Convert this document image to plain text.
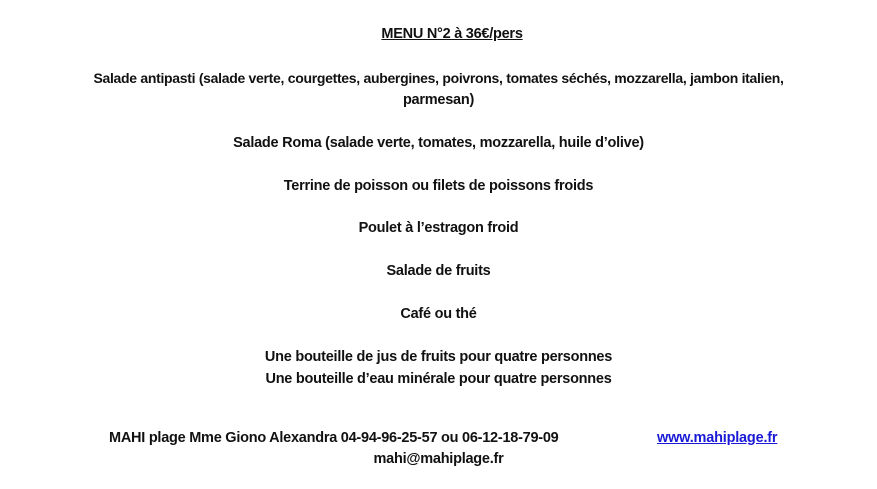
MENU N°2 à 36€/pers
Salade antipasti (salade verte, courgettes, aubergines, poivrons, tomates séchés, mozzarella, jambon italien,
parmesan)
Salade Roma (salade verte, tomates, mozzarella, huile d’olive)
Terrine de poisson ou filets de poissons froids
Poulet à l’estragon froid
Salade de fruits
Café ou thé
Une bouteille de jus de fruits pour quatre personnes
Une bouteille d’eau minérale pour quatre personnes
MAHI plage Mme Giono Alexandra 04-94-96-25-57 ou 06-12-18-79-09	www.mahiplage.fr
mahi@mahiplage.fr
